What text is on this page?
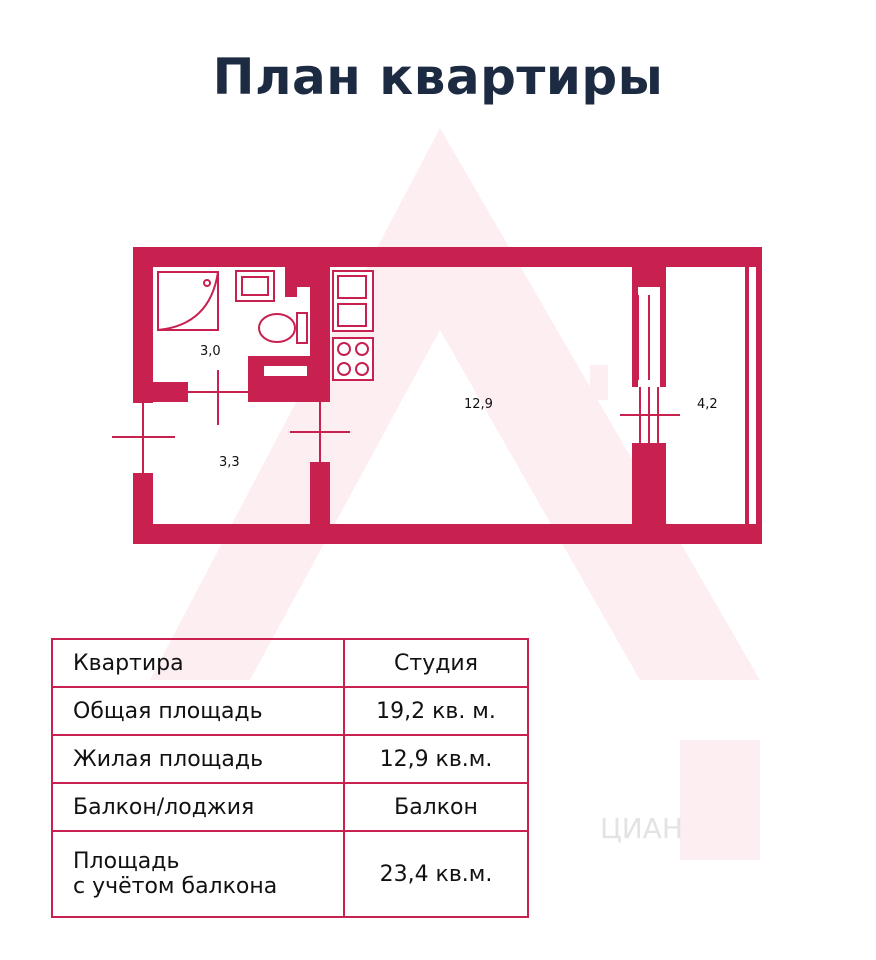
ЦИАН
План квартиры
3,0
3,3
12,9	4,2
Квартира	Студия
Общая площадь	19,2 кв. м.
Жилая площадь	12,9 кв.м.
Балкон/лоджия	Балкон

Площадь
с учётом балкона	23,4 кв.м.
